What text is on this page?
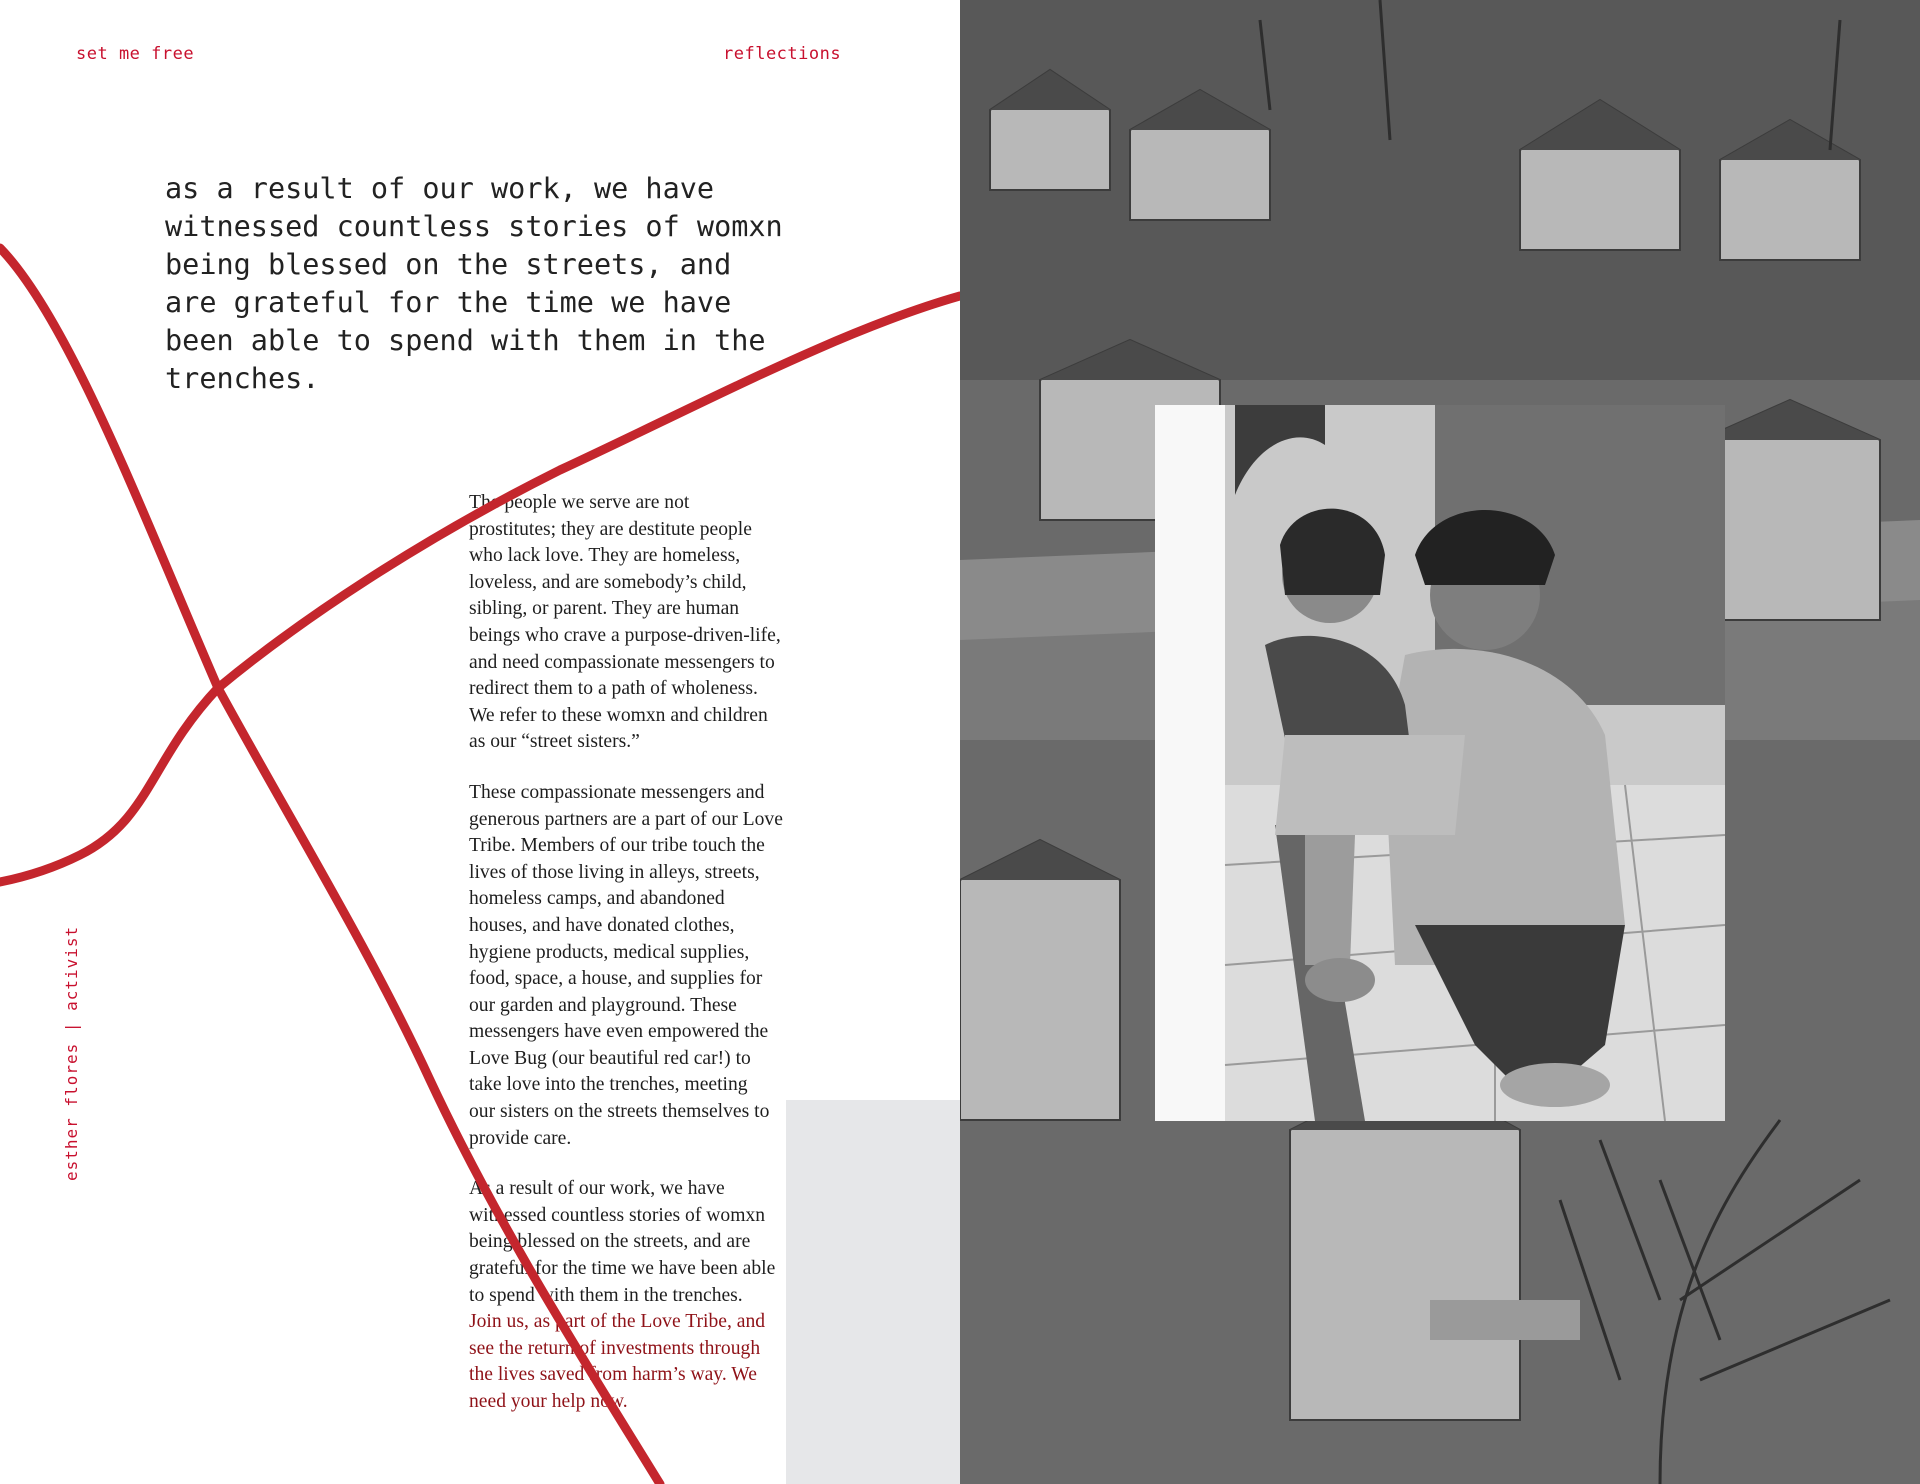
set me free	reflections
as a result of our work, we have
witnessed countless stories of womxn
being blessed on the streets, and
are grateful for the time we have
been able to spend with them in the
trenches.

The people we serve are not
prostitutes; they are destitute people
who lack love. They are homeless,
loveless, and are somebody’s child,
sibling, or parent. They are human
beings who crave a purpose-driven-life,
and need compassionate messengers to
redirect them to a path of wholeness.
We refer to these womxn and children
as our “street sisters.”

These compassionate messengers and
generous partners are a part of our Love
Tribe. Members of our tribe touch the
lives of those living in alleys, streets,
homeless camps, and abandoned
houses, and have donated clothes,
hygiene products, medical supplies,
food, space, a house, and supplies for
our garden and playground. These
messengers have even empowered the
Love Bug (our beautiful red car!) to
take love into the trenches, meeting
our sisters on the streets themselves to
provide care.

As a result of our work, we have
witnessed countless stories of womxn
being blessed on the streets, and are
grateful for the time we have been able
to spend with them in the trenches.
Join us, as part of the Love Tribe, and
see the return of investments through
the lives saved from harm’s way. We
need your help now.

esther flores | activist
